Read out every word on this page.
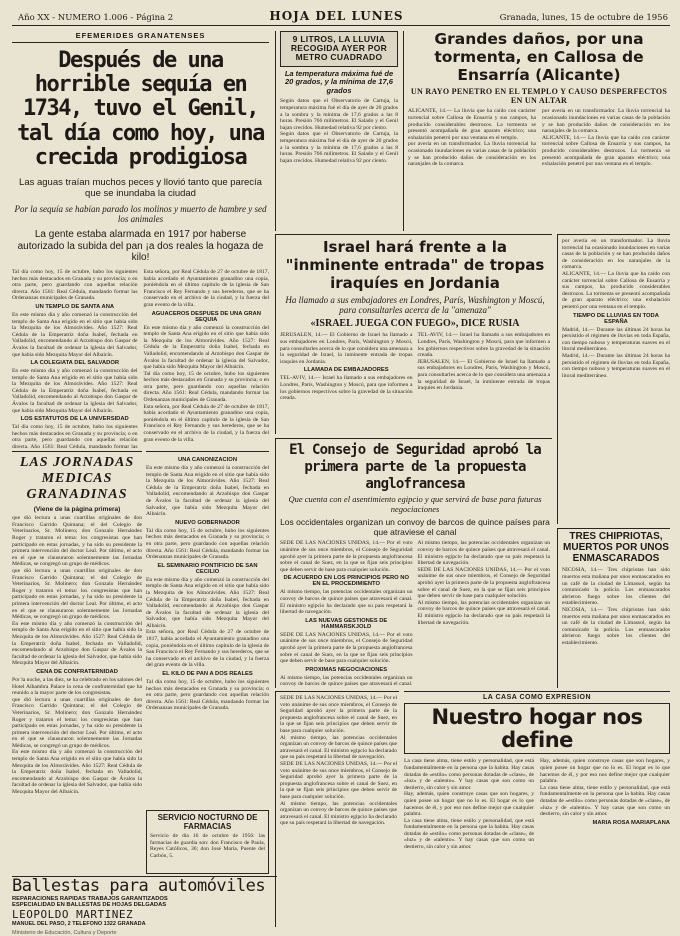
Año XX - NUMERO 1.006 - Página 2	HOJA DEL LUNES	Granada, lunes, 15 de octubre de 1956
EFEMERIDES GRANATENSES
Después de una horrible sequía en 1734, tuvo el Genil, tal día como hoy, una crecida prodigiosa
Las aguas traían muchos peces y llovió tanto que parecía que se inundaba la ciudad
Por la sequía se habían parado los molinos y muerto de hambre y sed los animales
La gente estaba alarmada en 1917 por haberse autorizado la subida del pan ¡a dos reales la hogaza de kilo!

Tal día como hoy, 15 de octubre, hubo los siguientes hechos más destacados en Granada y su provincia; o en otra parte, pero guardando con aquellas relación directa. Año 1561: Real Cédula, mandando formar las Ordenanzas municipales de Granada.

UN TEMPLO DE SANTA ANA

En este mismo día y año comenzó la construcción del templo de Santa Ana erigido en el sitio que había sido la Mezquita de los Almorávides. Año 1527: Real Cédula de la Emperatriz doña Isabel, fechada en Valladolid, encomendando al Arzobispo don Gaspar de Ávalos la facultad de ordenar la iglesia del Salvador, que había sido Mezquita Mayor del Albaicín.

LA COLEGIATA DEL SALVADOR

En este mismo día y año comenzó la construcción del templo de Santa Ana erigido en el sitio que había sido la Mezquita de los Almorávides. Año 1527: Real Cédula de la Emperatriz doña Isabel, fechada en Valladolid, encomendando al Arzobispo don Gaspar de Ávalos la facultad de ordenar la iglesia del Salvador, que había sido Mezquita Mayor del Albaicín.

LOS ESTATUTOS DE LA UNIVERSIDAD

Tal día como hoy, 15 de octubre, hubo los siguientes hechos más destacados en Granada y su provincia; o en otra parte, pero guardando con aquellas relación directa. Año 1561: Real Cédula, mandando formar las

Esta señora, por Real Cédula de 27 de octubre de 1817, había acordado el Ayuntamiento granadino una copia, poniéndola en el último capítulo de la iglesia de San Francisco el Rey Fernando y sus herederos, que se ha conservado en el archivo de la ciudad, y la fuerza del gran evento de la villa.

AGUACEROS DESPUES DE UNA GRAN SEQUIA

En este mismo día y año comenzó la construcción del templo de Santa Ana erigido en el sitio que había sido la Mezquita de los Almorávides. Año 1527: Real Cédula de la Emperatriz doña Isabel, fechada en Valladolid, encomendando al Arzobispo don Gaspar de Ávalos la facultad de ordenar la iglesia del Salvador, que había sido Mezquita Mayor del Albaicín.

Tal día como hoy, 15 de octubre, hubo los siguientes hechos más destacados en Granada y su provincia; o en otra parte, pero guardando con aquellas relación directa. Año 1561: Real Cédula, mandando formar las Ordenanzas municipales de Granada.

Esta señora, por Real Cédula de 27 de octubre de 1817, había acordado el Ayuntamiento granadino una copia, poniéndola en el último capítulo de la iglesia de San Francisco el Rey Fernando y sus herederos, que se ha conservado en el archivo de la ciudad, y la fuerza del gran evento de la villa.

LAS JORNADAS MEDICAS GRANADINAS
(Viene de la página primera)

que dió lectura a unas cuartillas originales de don Francisco Garrido Quintana; el del Colegio de Veterinarios, Sr. Molinero; don Gonzalo Hernández Roger y trataron el tema: los congresistas que han participado en estas jornadas, y ha sido su presidente la primera intervención del doctor Leal. Por último, el acto en el que se clausuraron solemnemente las Jornadas Médicas, se congregó un grupo de médicos.

que dió lectura a unas cuartillas originales de don Francisco Garrido Quintana; el del Colegio de Veterinarios, Sr. Molinero; don Gonzalo Hernández Roger y trataron el tema: los congresistas que han participado en estas jornadas, y ha sido su presidente la primera intervención del doctor Leal. Por último, el acto en el que se clausuraron solemnemente las Jornadas Médicas, se congregó un grupo de médicos.

En este mismo día y año comenzó la construcción del templo de Santa Ana erigido en el sitio que había sido la Mezquita de los Almorávides. Año 1527: Real Cédula de la Emperatriz doña Isabel, fechada en Valladolid, encomendando al Arzobispo don Gaspar de Ávalos la facultad de ordenar la iglesia del Salvador, que había sido Mezquita Mayor del Albaicín.

CENA DE CONFRATERNIDAD

Por la noche, a las diez, se ha celebrado en los salones del Hotel Alhambra Palace la cena de confraternidad que ha reunido a la mayor parte de los congresistas.

que dió lectura a unas cuartillas originales de don Francisco Garrido Quintana; el del Colegio de Veterinarios, Sr. Molinero; don Gonzalo Hernández Roger y trataron el tema: los congresistas que han participado en estas jornadas, y ha sido su presidente la primera intervención del doctor Leal. Por último, el acto en el que se clausuraron solemnemente las Jornadas Médicas, se congregó un grupo de médicos.

En este mismo día y año comenzó la construcción del templo de Santa Ana erigido en el sitio que había sido la Mezquita de los Almorávides. Año 1527: Real Cédula de la Emperatriz doña Isabel, fechada en Valladolid, encomendando al Arzobispo don Gaspar de Ávalos la facultad de ordenar la iglesia del Salvador, que había sido Mezquita Mayor del Albaicín.

UNA CANONIZACION

En este mismo día y año comenzó la construcción del templo de Santa Ana erigido en el sitio que había sido la Mezquita de los Almorávides. Año 1527: Real Cédula de la Emperatriz doña Isabel, fechada en Valladolid, encomendando al Arzobispo don Gaspar de Ávalos la facultad de ordenar la iglesia del Salvador, que había sido Mezquita Mayor del Albaicín.

NUEVO GOBERNADOR

Tal día como hoy, 15 de octubre, hubo los siguientes hechos más destacados en Granada y su provincia; o en otra parte, pero guardando con aquellas relación directa. Año 1561: Real Cédula, mandando formar las Ordenanzas municipales de Granada.

EL SEMINARIO PONTIFICIO DE SAN CECILIO

En este mismo día y año comenzó la construcción del templo de Santa Ana erigido en el sitio que había sido la Mezquita de los Almorávides. Año 1527: Real Cédula de la Emperatriz doña Isabel, fechada en Valladolid, encomendando al Arzobispo don Gaspar de Ávalos la facultad de ordenar la iglesia del Salvador, que había sido Mezquita Mayor del Albaicín.

Esta señora, por Real Cédula de 27 de octubre de 1817, había acordado el Ayuntamiento granadino una copia, poniéndola en el último capítulo de la iglesia de San Francisco el Rey Fernando y sus herederos, que se ha conservado en el archivo de la ciudad, y la fuerza del gran evento de la villa.

EL KILO DE PAN A DOS REALES

Tal día como hoy, 15 de octubre, hubo los siguientes hechos más destacados en Granada y su provincia; o en otra parte, pero guardando con aquellas relación directa. Año 1561: Real Cédula, mandando formar las Ordenanzas municipales de Granada.

SERVICIO NOCTURNO DE FARMACIAS

Servicio de día 16 de octubre de 1956: las farmacias de guardia son: don Francisco de Paula, Reyes Católicos, 36; don José María, Puente del Carbón, 5.

Ballestas para automóviles
REPARACIONES RAPIDAS TRABAJOS GARANTIZADOS
ESPECIALIDAD EN BALLESTAS DE HOJAS DELGADAS
LEOPOLDO MARTINEZ
MANUEL DEL PASO, 2 TELEFONO 1322 GRANADA
9 LITROS, LA LLUVIA RECOGIDA AYER POR METRO CUADRADO
La temperatura máxima fué de 20 grados, y la mínima de 17,6 grados

Según datos que el Observatorio de Cartuja, la temperatura máxima fué el día de ayer de 20 grados a la sombra y la mínima de 17,6 grados a las 8 horas. Presión 766 milímetros. El Salado y el Genil bajan crecidos. Humedad relativa 92 por ciento.

Según datos que el Observatorio de Cartuja, la temperatura máxima fué el día de ayer de 20 grados a la sombra y la mínima de 17,6 grados a las 8 horas. Presión 766 milímetros. El Salado y el Genil bajan crecidos. Humedad relativa 92 por ciento.

Grandes daños, por una tormenta, en Callosa de Ensarría (Alicante)
UN RAYO PENETRO EN EL TEMPLO Y CAUSO DESPERFECTOS EN UN ALTAR

ALICANTE, 14.— La lluvia que ha caído con carácter torrencial sobre Callosa de Ensarría y sus campos, ha producido considerables destrozos. La tormenta se presentó acompañada de gran aparato eléctrico; una exhalación penetró por una ventana en el templo.

por avería en un transformador. La lluvia torrencial ha ocasionado inundaciones en varias casas de la población y se han producido daños de consideración en los naranjales de la comarca.

por avería en un transformador. La lluvia torrencial ha ocasionado inundaciones en varias casas de la población y se han producido daños de consideración en los naranjales de la comarca.

ALICANTE, 14.— La lluvia que ha caído con carácter torrencial sobre Callosa de Ensarría y sus campos, ha producido considerables destrozos. La tormenta se presentó acompañada de gran aparato eléctrico; una exhalación penetró por una ventana en el templo.

Israel hará frente a la "inminente entrada" de tropas iraquíes en Jordania
Ha llamado a sus embajadores en Londres, París, Washington y Moscú, para consultarles acerca de la "amenaza"
«ISRAEL JUEGA CON FUEGO», DICE RUSIA

JERUSALEN, 14.— El Gobierno de Israel ha llamado a sus embajadores en Londres, París, Washington y Moscú, para consultarles acerca de lo que considera una amenaza a la seguridad de Israel, la inminente entrada de tropas iraquíes en Jordania.

LLAMADA DE EMBAJADORES

TEL-AVIV, 14.— Israel ha llamado a sus embajadores en Londres, París, Washington y Moscú, para que informen a los gobiernos respectivos sobre la gravedad de la situación creada.

TEL-AVIV, 14.— Israel ha llamado a sus embajadores en Londres, París, Washington y Moscú, para que informen a los gobiernos respectivos sobre la gravedad de la situación creada.

JERUSALEN, 14.— El Gobierno de Israel ha llamado a sus embajadores en Londres, París, Washington y Moscú, para consultarles acerca de lo que considera una amenaza a la seguridad de Israel, la inminente entrada de tropas iraquíes en Jordania.

por avería en un transformador. La lluvia torrencial ha ocasionado inundaciones en varias casas de la población y se han producido daños de consideración en los naranjales de la comarca.

ALICANTE, 14.— La lluvia que ha caído con carácter torrencial sobre Callosa de Ensarría y sus campos, ha producido considerables destrozos. La tormenta se presentó acompañada de gran aparato eléctrico; una exhalación penetró por una ventana en el templo.

TIEMPO DE LLUVIAS EN TODA ESPAÑA

Madrid, 14.— Durante las últimas 24 horas ha persistido el régimen de lluvias en toda España, con tiempo nuboso y temperaturas suaves en el litoral mediterráneo.

Madrid, 14.— Durante las últimas 24 horas ha persistido el régimen de lluvias en toda España, con tiempo nuboso y temperaturas suaves en el litoral mediterráneo.

El Consejo de Seguridad aprobó la primera parte de la propuesta anglofrancesa
Que cuenta con el asentimiento egipcio y que servirá de base para futuras negociaciones
Los occidentales organizan un convoy de barcos de quince países para que atraviese el canal

SEDE DE LAS NACIONES UNIDAS, 14.— Por el voto unánime de sus once miembros, el Consejo de Seguridad aprobó ayer la primera parte de la propuesta anglofrancesa sobre el canal de Suez, en la que se fijan seis principios que deben servir de base para cualquier solución.

DE ACUERDO EN LOS PRINCIPIOS PERO NO EN EL PROCEDIMIENTO

Al mismo tiempo, las potencias occidentales organizan un convoy de barcos de quince países que atravesará el canal. El ministro egipcio ha declarado que su país respetará la libertad de navegación.

LAS NUEVAS GESTIONES DE HAMMARSKJOLD

SEDE DE LAS NACIONES UNIDAS, 14.— Por el voto unánime de sus once miembros, el Consejo de Seguridad aprobó ayer la primera parte de la propuesta anglofrancesa sobre el canal de Suez, en la que se fijan seis principios que deben servir de base para cualquier solución.

PROXIMAS NEGOCIACIONES

Al mismo tiempo, las potencias occidentales organizan un convoy de barcos de quince países que atravesará el canal.

Al mismo tiempo, las potencias occidentales organizan un convoy de barcos de quince países que atravesará el canal. El ministro egipcio ha declarado que su país respetará la libertad de navegación.

SEDE DE LAS NACIONES UNIDAS, 14.— Por el voto unánime de sus once miembros, el Consejo de Seguridad aprobó ayer la primera parte de la propuesta anglofrancesa sobre el canal de Suez, en la que se fijan seis principios que deben servir de base para cualquier solución.

Al mismo tiempo, las potencias occidentales organizan un convoy de barcos de quince países que atravesará el canal. El ministro egipcio ha declarado que su país respetará la libertad de navegación.

TRES CHIPRIOTAS, MUERTOS POR UNOS ENMASCARADOS

NICOSIA, 14.— Tres chipriotas han sido muertos esta mañana por unos enmascarados en un café de la ciudad de Limassol, según ha comunicado la policía. Los enmascarados abrieron fuego sobre los clientes del establecimiento.

NICOSIA, 14.— Tres chipriotas han sido muertos esta mañana por unos enmascarados en un café de la ciudad de Limassol, según ha comunicado la policía. Los enmascarados abrieron fuego sobre los clientes del establecimiento.

LA CASA COMO EXPRESION
Nuestro hogar nos define

La casa tiene alma, tiene estilo y personalidad, que está fundamentalmente en la persona que la habita. Hay casas dotadas de «estilo» como personas dotadas de «clase», de «luz» y de «talento». Y hay casas que son como un destierro, sin calor y sin amor.

Hay, además, quien construye casas que son hogares, y quien posee un hogar que no lo es. El hogar es lo que hacemos de él, y por eso nos define mejor que cualquier palabra.

La casa tiene alma, tiene estilo y personalidad, que está fundamentalmente en la persona que la habita. Hay casas dotadas de «estilo» como personas dotadas de «clase», de «luz» y de «talento». Y hay casas que son como un destierro, sin calor y sin amor.

Hay, además, quien construye casas que son hogares, y quien posee un hogar que no lo es. El hogar es lo que hacemos de él, y por eso nos define mejor que cualquier palabra.

La casa tiene alma, tiene estilo y personalidad, que está fundamentalmente en la persona que la habita. Hay casas dotadas de «estilo» como personas dotadas de «clase», de «luz» y de «talento». Y hay casas que son como un destierro, sin calor y sin amor.

MARIA ROSA MARIAPLANA

SEDE DE LAS NACIONES UNIDAS, 14.— Por el voto unánime de sus once miembros, el Consejo de Seguridad aprobó ayer la primera parte de la propuesta anglofrancesa sobre el canal de Suez, en la que se fijan seis principios que deben servir de base para cualquier solución.

Al mismo tiempo, las potencias occidentales organizan un convoy de barcos de quince países que atravesará el canal. El ministro egipcio ha declarado que su país respetará la libertad de navegación.

SEDE DE LAS NACIONES UNIDAS, 14.— Por el voto unánime de sus once miembros, el Consejo de Seguridad aprobó ayer la primera parte de la propuesta anglofrancesa sobre el canal de Suez, en la que se fijan seis principios que deben servir de base para cualquier solución.

Al mismo tiempo, las potencias occidentales organizan un convoy de barcos de quince países que atravesará el canal. El ministro egipcio ha declarado que su país respetará la libertad de navegación.

Ministerio de Educación, Cultura y Deporte
